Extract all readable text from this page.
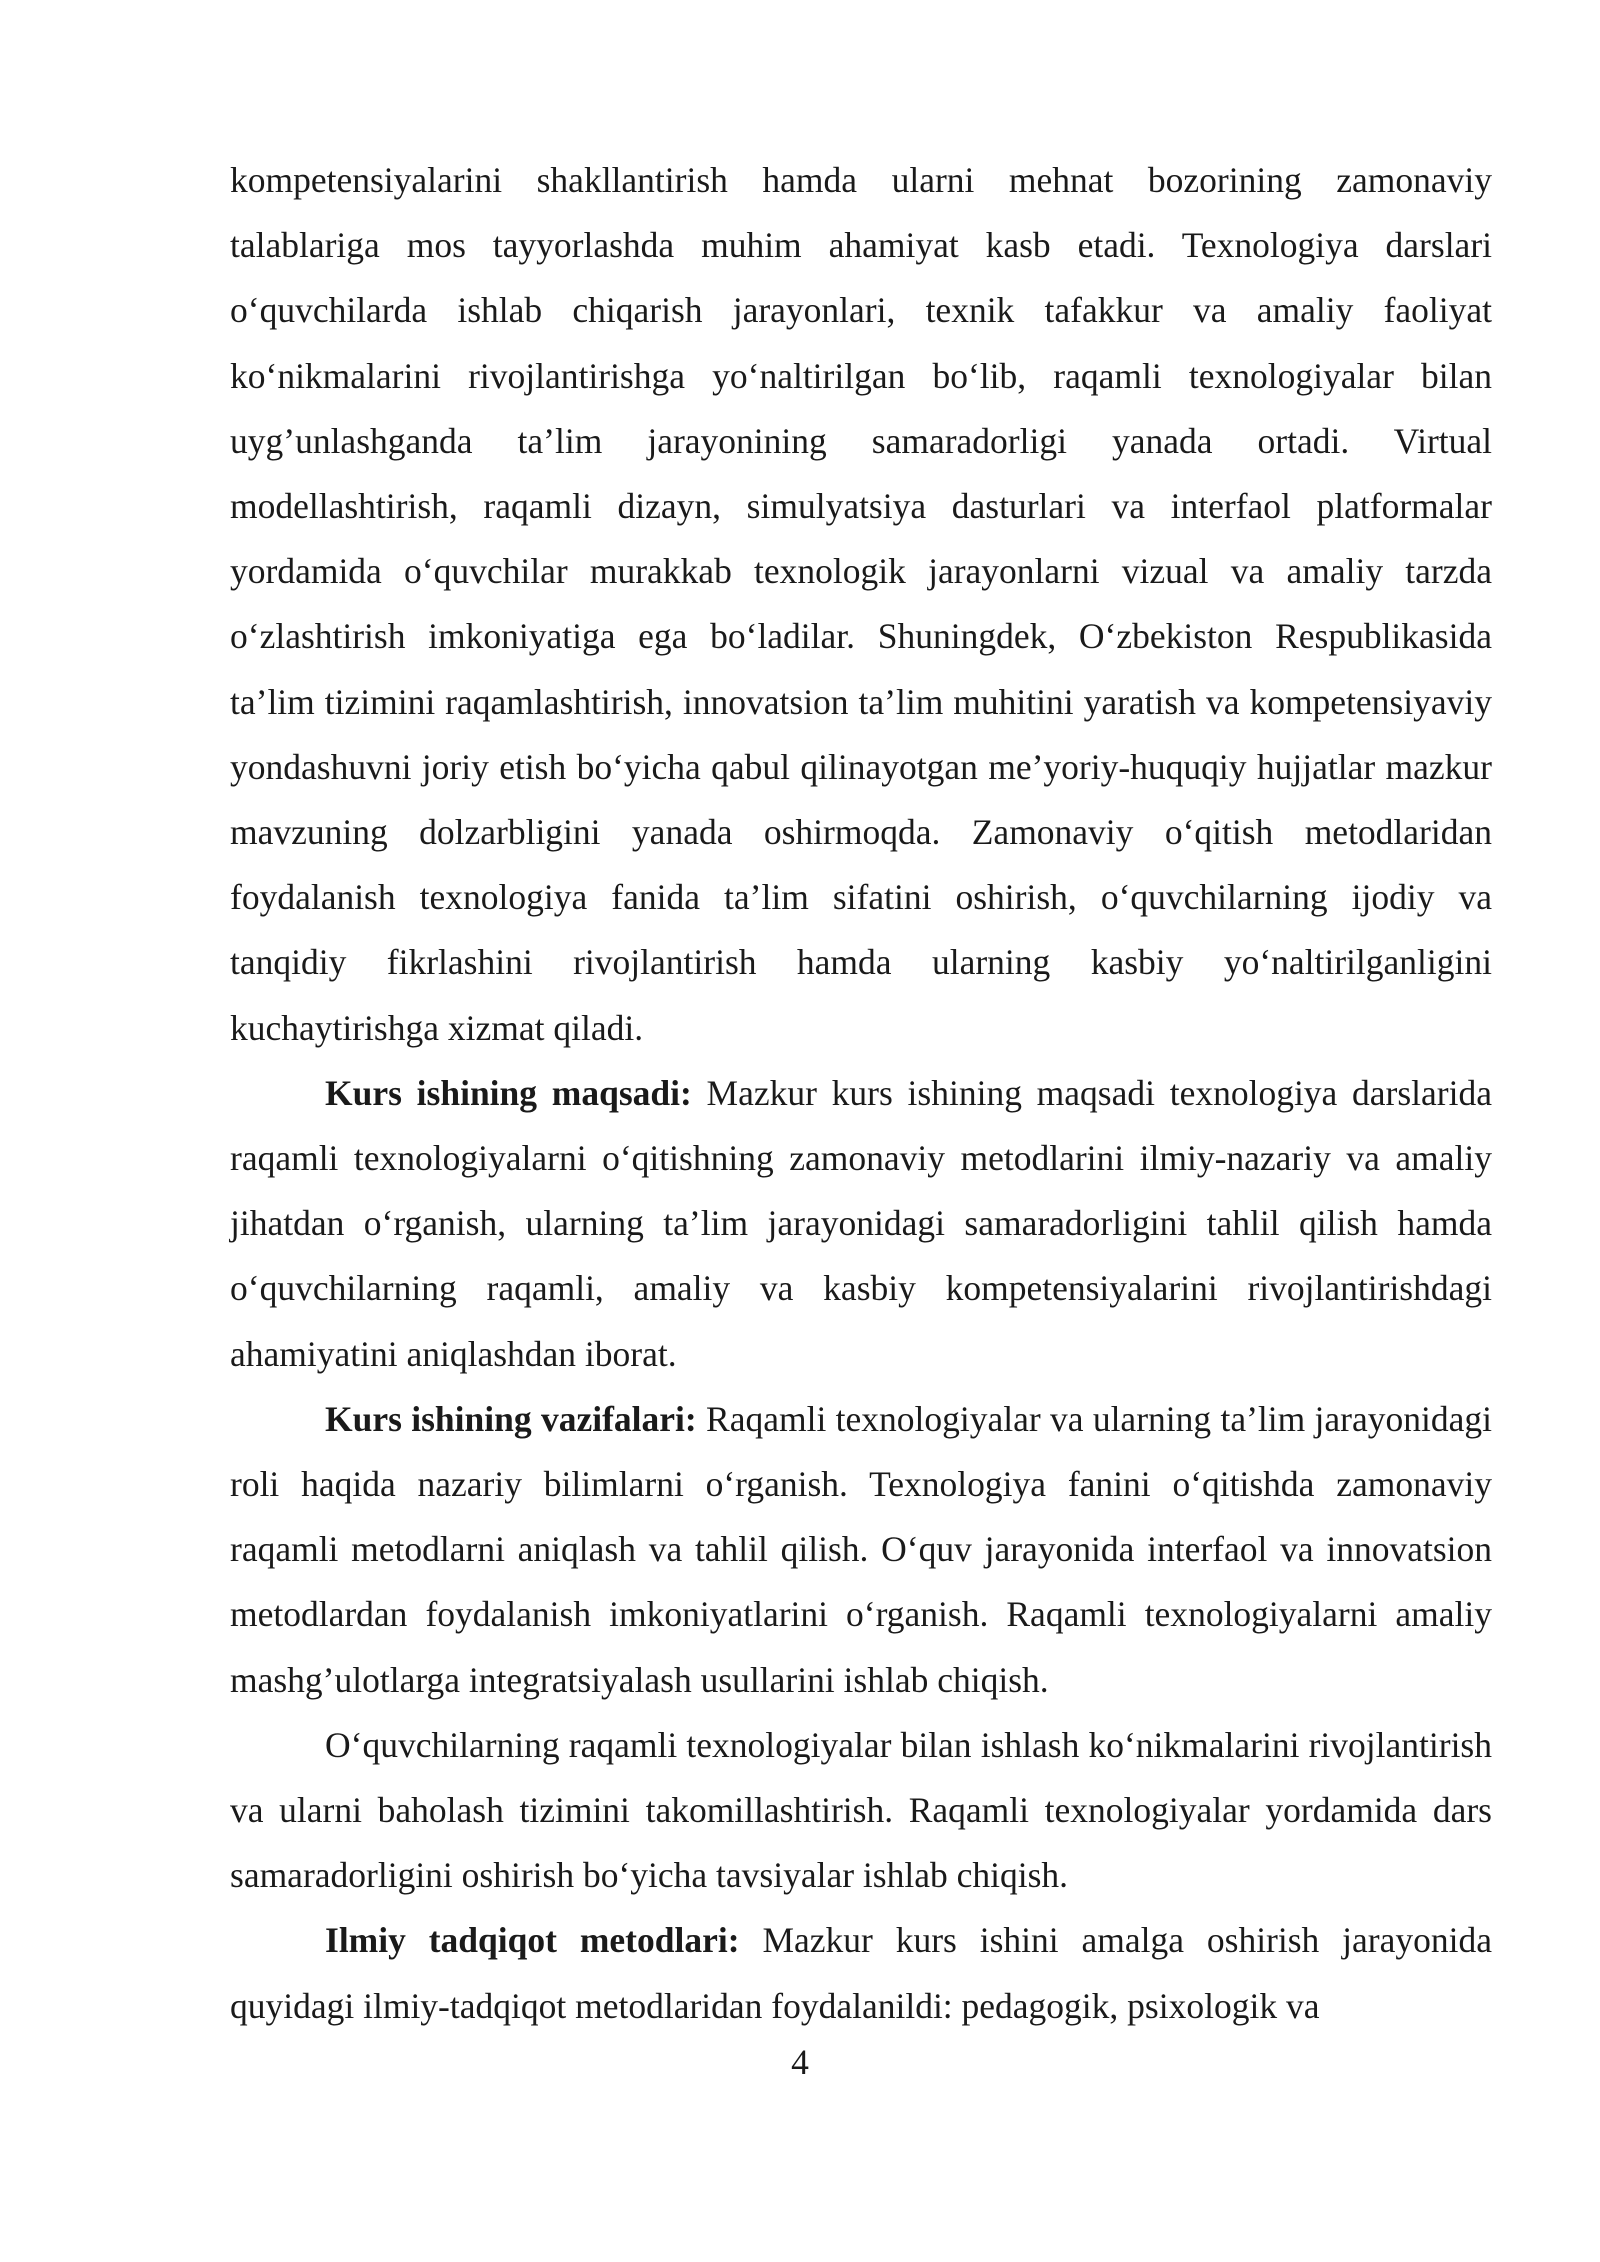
kompetensiyalarini shakllantirish hamda ularni mehnat bozorining zamonaviy talablariga mos tayyorlashda muhim ahamiyat kasb etadi. Texnologiya darslari o‘quvchilarda ishlab chiqarish jarayonlari, texnik tafakkur va amaliy faoliyat ko‘nikmalarini rivojlantirishga yo‘naltirilgan bo‘lib, raqamli texnologiyalar bilan uyg’unlashganda ta’lim jarayonining samaradorligi yanada ortadi. Virtual modellashtirish, raqamli dizayn, simulyatsiya dasturlari va interfaol platformalar yordamida o‘quvchilar murakkab texnologik jarayonlarni vizual va amaliy tarzda o‘zlashtirish imkoniyatiga ega bo‘ladilar. Shuningdek, O‘zbekiston Respublikasida ta’lim tizimini raqamlashtirish, innovatsion ta’lim muhitini yaratish va kompetensiyaviy yondashuvni joriy etish bo‘yicha qabul qilinayotgan me’yoriy-huquqiy hujjatlar mazkur mavzuning dolzarbligini yanada oshirmoqda. Zamonaviy o‘qitish metodlaridan foydalanish texnologiya fanida ta’lim sifatini oshirish, o‘quvchilarning ijodiy va tanqidiy fikrlashini rivojlantirish hamda ularning kasbiy yo‘naltirilganligini kuchaytirishga xizmat qiladi.

Kurs ishining maqsadi: Mazkur kurs ishining maqsadi texnologiya darslarida raqamli texnologiyalarni o‘qitishning zamonaviy metodlarini ilmiy-nazariy va amaliy jihatdan o‘rganish, ularning ta’lim jarayonidagi samaradorligini tahlil qilish hamda o‘quvchilarning raqamli, amaliy va kasbiy kompetensiyalarini rivojlantirishdagi ahamiyatini aniqlashdan iborat.

Kurs ishining vazifalari: Raqamli texnologiyalar va ularning ta’lim jarayonidagi roli haqida nazariy bilimlarni o‘rganish. Texnologiya fanini o‘qitishda zamonaviy raqamli metodlarni aniqlash va tahlil qilish. O‘quv jarayonida interfaol va innovatsion metodlardan foydalanish imkoniyatlarini o‘rganish. Raqamli texnologiyalarni amaliy mashg’ulotlarga integratsiyalash usullarini ishlab chiqish.

O‘quvchilarning raqamli texnologiyalar bilan ishlash ko‘nikmalarini rivojlantirish va ularni baholash tizimini takomillashtirish. Raqamli texnologiyalar yordamida dars samaradorligini oshirish bo‘yicha tavsiyalar ishlab chiqish.

Ilmiy tadqiqot metodlari: Mazkur kurs ishini amalga oshirish jarayonida quyidagi ilmiy-tadqiqot metodlaridan foydalanildi: pedagogik, psixologik va

4
